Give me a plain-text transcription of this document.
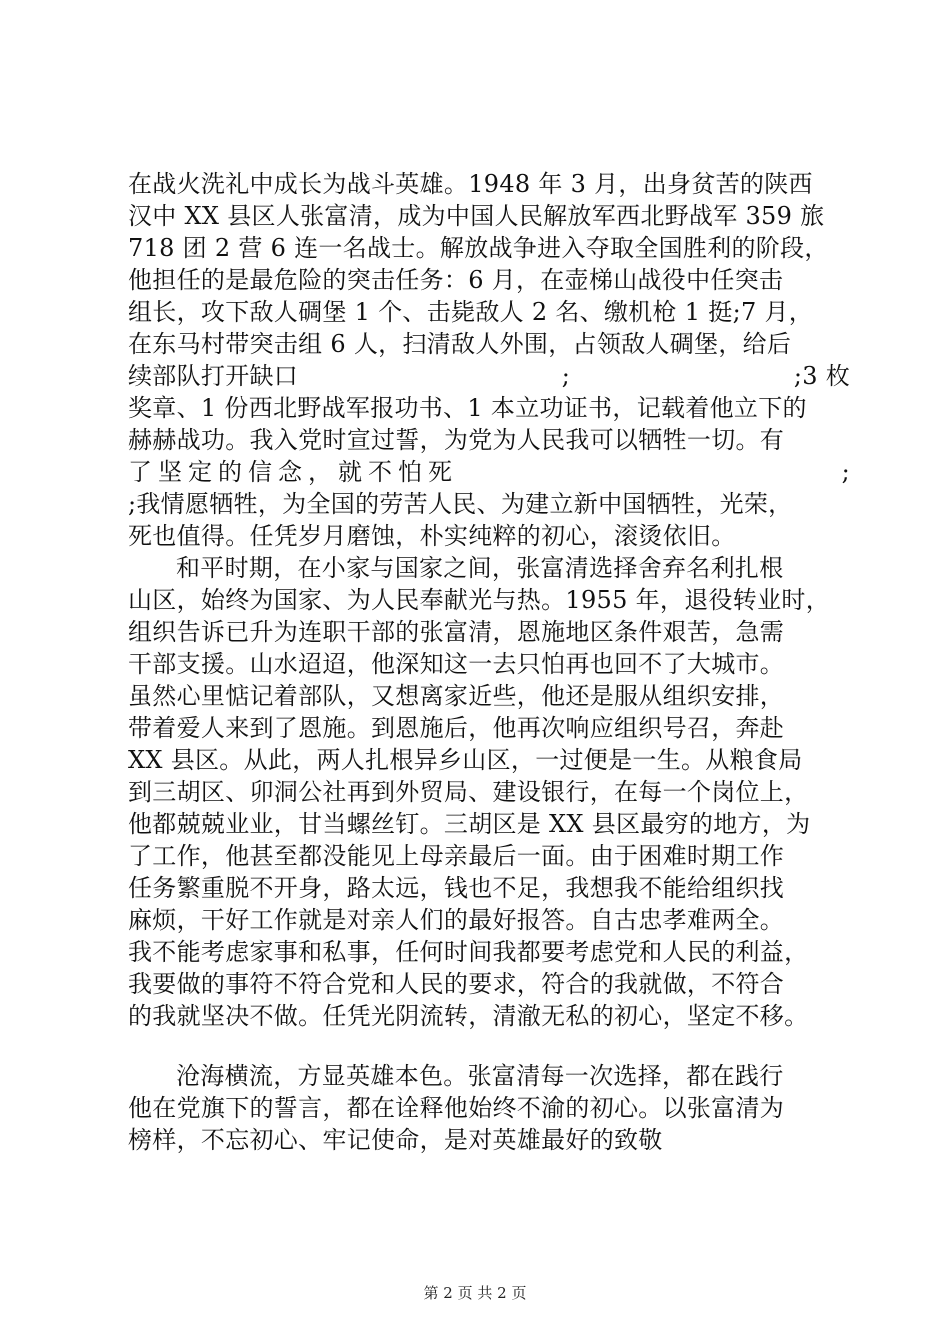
在战火洗礼中成长为战斗英雄。1948 年 3 月，出身贫苦的陕西
汉中 XX 县区人张富清，成为中国人民解放军西北野战军 359 旅
718 团 2 营 6 连一名战士。解放战争进入夺取全国胜利的阶段，
他担任的是最危险的突击任务：6 月，在壶梯山战役中任突击
组长，攻下敌人碉堡 1 个、击毙敌人 2 名、缴机枪 1 挺;7 月，
在东马村带突击组 6 人，扫清敌人外围，占领敌人碉堡，给后
续部队打开缺口	;	;3 枚
奖章、1 份西北野战军报功书、1 本立功证书，记载着他立下的
赫赫战功。我入党时宣过誓，为党为人民我可以牺牲一切。有
了坚定的信念，就不怕死	;
;我情愿牺牲，为全国的劳苦人民、为建立新中国牺牲，光荣，
死也值得。任凭岁月磨蚀，朴实纯粹的初心，滚烫依旧。
和平时期，在小家与国家之间，张富清选择舍弃名利扎根
山区，始终为国家、为人民奉献光与热。1955 年，退役转业时，
组织告诉已升为连职干部的张富清，恩施地区条件艰苦，急需
干部支援。山水迢迢，他深知这一去只怕再也回不了大城市。
虽然心里惦记着部队，又想离家近些，他还是服从组织安排，
带着爱人来到了恩施。到恩施后，他再次响应组织号召，奔赴
XX 县区。从此，两人扎根异乡山区，一过便是一生。从粮食局
到三胡区、卯洞公社再到外贸局、建设银行，在每一个岗位上，
他都兢兢业业，甘当螺丝钉。三胡区是 XX 县区最穷的地方，为
了工作，他甚至都没能见上母亲最后一面。由于困难时期工作
任务繁重脱不开身，路太远，钱也不足，我想我不能给组织找
麻烦，干好工作就是对亲人们的最好报答。自古忠孝难两全。
我不能考虑家事和私事，任何时间我都要考虑党和人民的利益，
我要做的事符不符合党和人民的要求，符合的我就做，不符合
的我就坚决不做。任凭光阴流转，清澈无私的初心，坚定不移。
沧海横流，方显英雄本色。张富清每一次选择，都在践行
他在党旗下的誓言，都在诠释他始终不渝的初心。以张富清为
榜样，不忘初心、牢记使命，是对英雄最好的致敬
第 2 页 共 2 页
